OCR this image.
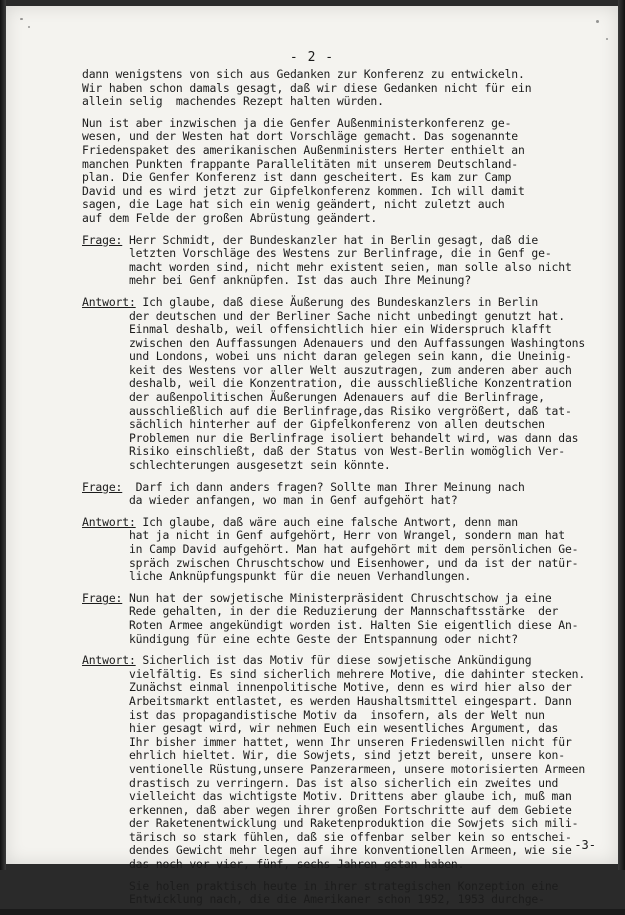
- 2 -
dann wenigstens von sich aus Gedanken zur Konferenz zu entwickeln.
Wir haben schon damals gesagt, daß wir diese Gedanken nicht für ein
allein selig  machendes Rezept halten würden.
Nun ist aber inzwischen ja die Genfer Außenministerkonferenz ge-
wesen, und der Westen hat dort Vorschläge gemacht. Das sogenannte
Friedenspaket des amerikanischen Außenministers Herter enthielt an
manchen Punkten frappante Parallelitäten mit unserem Deutschland-
plan. Die Genfer Konferenz ist dann gescheitert. Es kam zur Camp
David und es wird jetzt zur Gipfelkonferenz kommen. Ich will damit
sagen, die Lage hat sich ein wenig geändert, nicht zuletzt auch
auf dem Felde der großen Abrüstung geändert.
Frage: Herr Schmidt, der Bundeskanzler hat in Berlin gesagt, daß die
letzten Vorschläge des Westens zur Berlinfrage, die in Genf ge-
macht worden sind, nicht mehr existent seien, man solle also nicht
mehr bei Genf anknüpfen. Ist das auch Ihre Meinung?
Antwort: Ich glaube, daß diese Äußerung des Bundeskanzlers in Berlin
der deutschen und der Berliner Sache nicht unbedingt genutzt hat.
Einmal deshalb, weil offensichtlich hier ein Widerspruch klafft
zwischen den Auffassungen Adenauers und den Auffassungen Washingtons
und Londons, wobei uns nicht daran gelegen sein kann, die Uneinig-
keit des Westens vor aller Welt auszutragen, zum anderen aber auch
deshalb, weil die Konzentration, die ausschließliche Konzentration
der außenpolitischen Äußerungen Adenauers auf die Berlinfrage,
ausschließlich auf die Berlinfrage,das Risiko vergrößert, daß tat-
sächlich hinterher auf der Gipfelkonferenz von allen deutschen
Problemen nur die Berlinfrage isoliert behandelt wird, was dann das
Risiko einschließt, daß der Status von West-Berlin womöglich Ver-
schlechterungen ausgesetzt sein könnte.
Frage:  Darf ich dann anders fragen? Sollte man Ihrer Meinung nach
da wieder anfangen, wo man in Genf aufgehört hat?
Antwort: Ich glaube, daß wäre auch eine falsche Antwort, denn man
hat ja nicht in Genf aufgehört, Herr von Wrangel, sondern man hat
in Camp David aufgehört. Man hat aufgehört mit dem persönlichen Ge-
spräch zwischen Chruschtschow und Eisenhower, und da ist der natür-
liche Anknüpfungspunkt für die neuen Verhandlungen.
Frage: Nun hat der sowjetische Ministerpräsident Chruschtschow ja eine
Rede gehalten, in der die Reduzierung der Mannschaftsstärke  der
Roten Armee angekündigt worden ist. Halten Sie eigentlich diese An-
kündigung für eine echte Geste der Entspannung oder nicht?
Antwort: Sicherlich ist das Motiv für diese sowjetische Ankündigung
vielfältig. Es sind sicherlich mehrere Motive, die dahinter stecken.
Zunächst einmal innenpolitische Motive, denn es wird hier also der
Arbeitsmarkt entlastet, es werden Haushaltsmittel eingespart. Dann
ist das propagandistische Motiv da  insofern, als der Welt nun
hier gesagt wird, wir nehmen Euch ein wesentliches Argument, das
Ihr bisher immer hattet, wenn Ihr unseren Friedenswillen nicht für
ehrlich hieltet. Wir, die Sowjets, sind jetzt bereit, unsere kon-
ventionelle Rüstung,unsere Panzerarmeen, unsere motorisierten Armeen
drastisch zu verringern. Das ist also sicherlich ein zweites und
vielleicht das wichtigste Motiv. Drittens aber glaube ich, muß man
erkennen, daß aber wegen ihrer großen Fortschritte auf dem Gebiete
der Raketenentwicklung und Raketenproduktion die Sowjets sich mili-
tärisch so stark fühlen, daß sie offenbar selber kein so entschei-
dendes Gewicht mehr legen auf ihre konventionellen Armeen, wie sie
das noch vor vier, fünf, sechs Jahren getan haben.
Sie holen praktisch heute in ihrer strategischen Konzeption eine
Entwicklung nach, die die Amerikaner schon 1952, 1953 durchge-
-3-
